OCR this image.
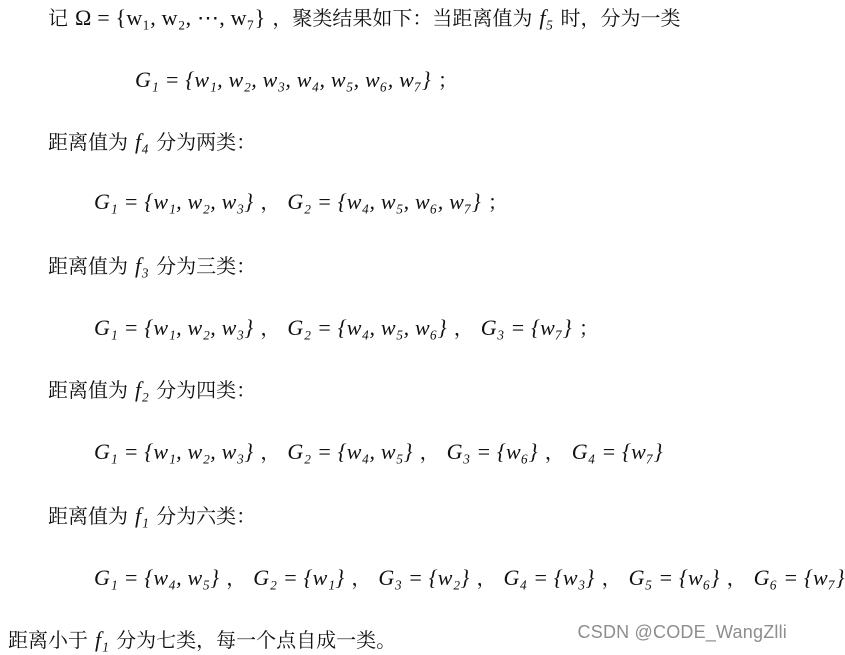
记 Ω = {w₁, w₂, ⋯, w₇} ，聚类结果如下：当距离值为 f₅ 时，分为一类
G₁ = {w₁, w₂, w₃, w₄, w₅, w₆, w₇} ；
距离值为 f₄ 分为两类：
G₁ = {w₁, w₂, w₃} ， G₂ = {w₄, w₅, w₆, w₇} ；
距离值为 f₃ 分为三类：
G₁ = {w₁, w₂, w₃} ， G₂ = {w₄, w₅, w₆} ， G₃ = {w₇} ；
距离值为 f₂ 分为四类：
G₁ = {w₁, w₂, w₃} ， G₂ = {w₄, w₅} ， G₃ = {w₆} ， G₄ = {w₇}
距离值为 f₁ 分为六类：
G₁ = {w₄, w₅} ， G₂ = {w₁} ， G₃ = {w₂} ， G₄ = {w₃} ， G₅ = {w₆} ， G₆ = {w₇}
距离小于 f₁ 分为七类，每一个点自成一类。	CSDN @CODE_WangZlli
